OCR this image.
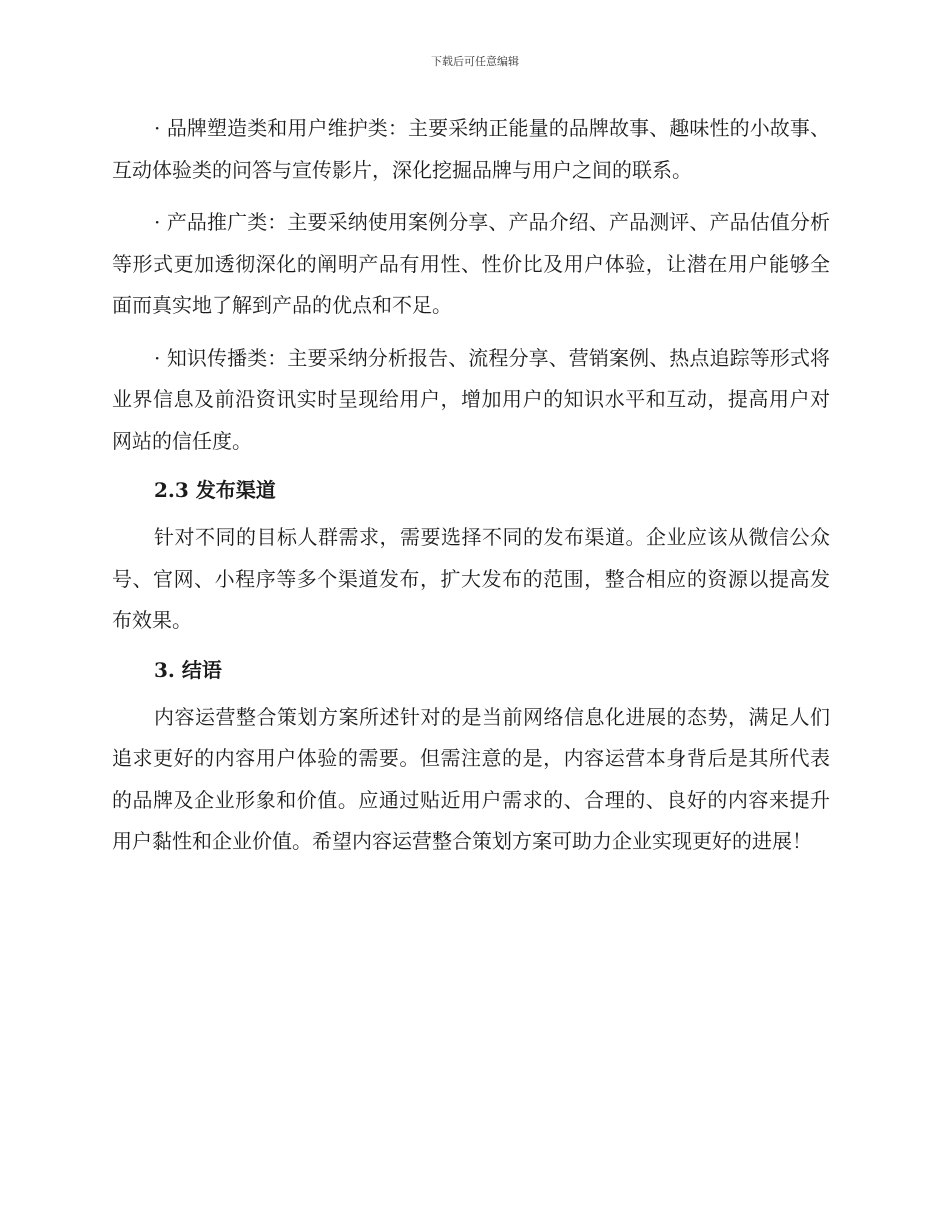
下载后可任意编辑

· 品牌塑造类和用户维护类：主要采纳正能量的品牌故事、趣味性的小故事、互动体验类的问答与宣传影片，深化挖掘品牌与用户之间的联系。

· 产品推广类：主要采纳使用案例分享、产品介绍、产品测评、产品估值分析等形式更加透彻深化的阐明产品有用性、性价比及用户体验，让潜在用户能够全面而真实地了解到产品的优点和不足。

· 知识传播类：主要采纳分析报告、流程分享、营销案例、热点追踪等形式将业界信息及前沿资讯实时呈现给用户，增加用户的知识水平和互动，提高用户对网站的信任度。

2.3 发布渠道

针对不同的目标人群需求，需要选择不同的发布渠道。企业应该从微信公众号、官网、小程序等多个渠道发布，扩大发布的范围，整合相应的资源以提高发布效果。

3. 结语

内容运营整合策划方案所述针对的是当前网络信息化进展的态势，满足人们追求更好的内容用户体验的需要。但需注意的是，内容运营本身背后是其所代表的品牌及企业形象和价值。应通过贴近用户需求的、合理的、良好的内容来提升用户黏性和企业价值。希望内容运营整合策划方案可助力企业实现更好的进展！
